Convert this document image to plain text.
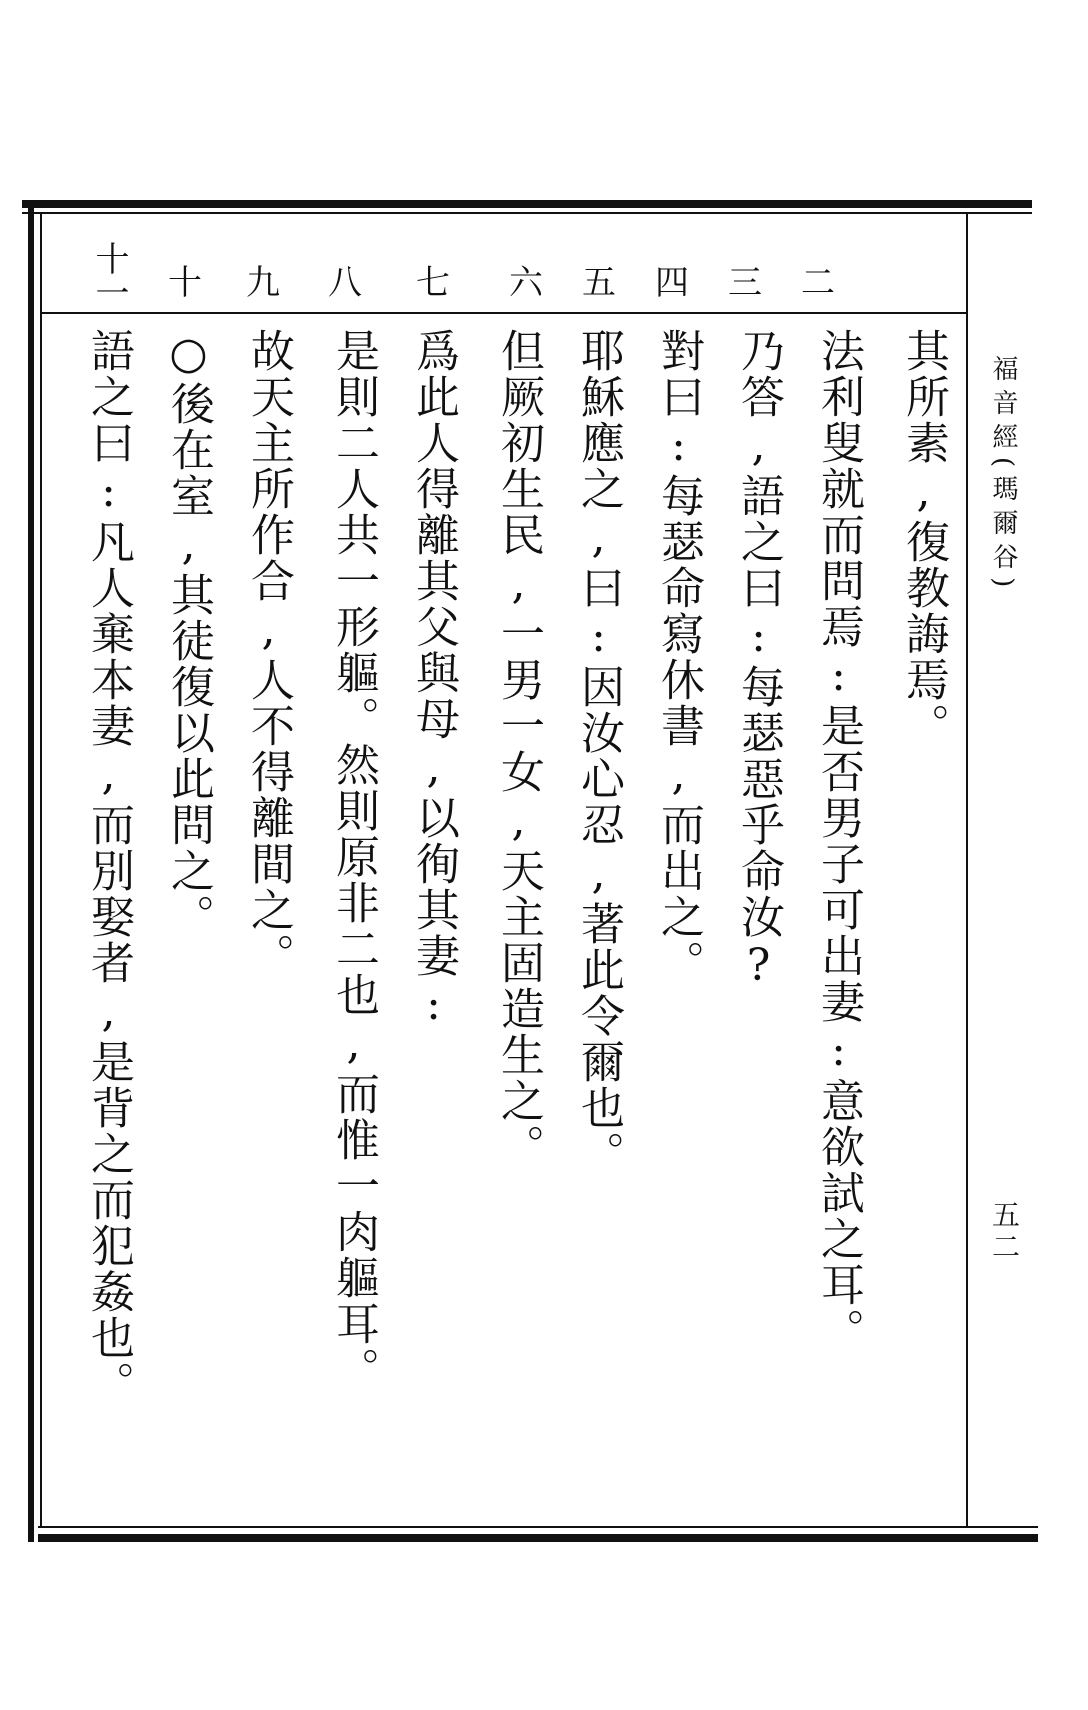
福音經(瑪爾谷)
五二
二
三
四
五
六
七
八
九
十
十一
其所素,復教誨焉。
法利叟就而問焉:是否男子可出妻:意欲試之耳。
乃答,語之曰:每瑟惡乎命汝?
對曰:每瑟命寫休書,而出之。
耶穌應之,曰:因汝心忍,著此令爾也。
但厥初生民,一男一女,天主固造生之。
爲此人得離其父與母,以徇其妻:
是則二人共一形軀。然則原非二也,而惟一肉軀耳。
故天主所作合,人不得離間之。
○後在室,其徒復以此問之。
語之曰:凡人棄本妻,而別娶者,是背之而犯姦也。
